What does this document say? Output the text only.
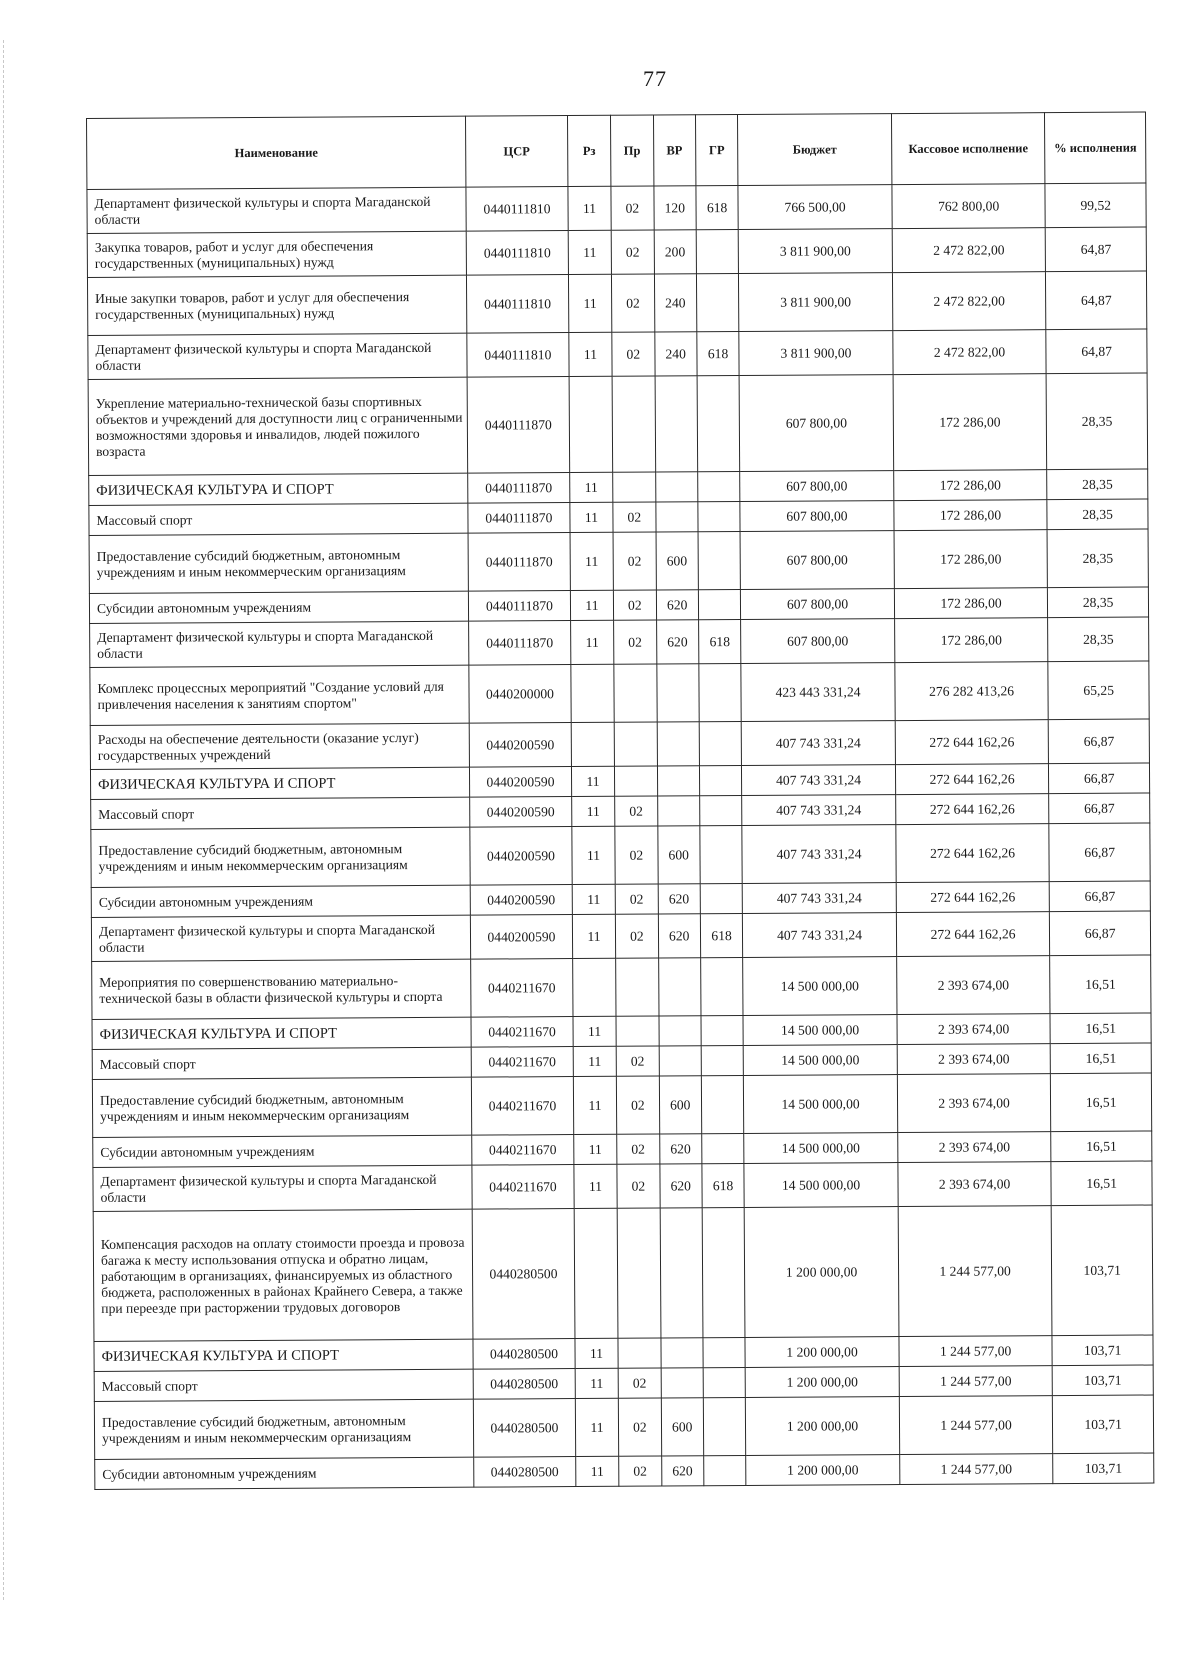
77
Наименование	ЦСР	Рз	Пр	ВР	ГР	Бюджет	Кассовое исполнение	% исполнения
Департамент физической культуры и спорта Магаданской области	0440111810	11	02	120	618	766 500,00	762 800,00	99,52
Закупка товаров, работ и услуг для обеспечения государственных (муниципальных) нужд	0440111810	11	02	200		3 811 900,00	2 472 822,00	64,87
Иные закупки товаров, работ и услуг для обеспечения государственных (муниципальных) нужд	0440111810	11	02	240		3 811 900,00	2 472 822,00	64,87
Департамент физической культуры и спорта Магаданской области	0440111810	11	02	240	618	3 811 900,00	2 472 822,00	64,87
Укрепление материально-технической базы спортивных объектов и учреждений для доступности лиц с ограниченными возможностями здоровья и инвалидов, людей пожилого возраста	0440111870					607 800,00	172 286,00	28,35
ФИЗИЧЕСКАЯ КУЛЬТУРА И СПОРТ	0440111870	11				607 800,00	172 286,00	28,35
Массовый спорт	0440111870	11	02			607 800,00	172 286,00	28,35
Предоставление субсидий бюджетным, автономным учреждениям и иным некоммерческим организациям	0440111870	11	02	600		607 800,00	172 286,00	28,35
Субсидии автономным учреждениям	0440111870	11	02	620		607 800,00	172 286,00	28,35
Департамент физической культуры и спорта Магаданской области	0440111870	11	02	620	618	607 800,00	172 286,00	28,35
Комплекс процессных мероприятий "Создание условий для привлечения населения к занятиям спортом"	0440200000					423 443 331,24	276 282 413,26	65,25
Расходы на обеспечение деятельности (оказание услуг) государственных учреждений	0440200590					407 743 331,24	272 644 162,26	66,87
ФИЗИЧЕСКАЯ КУЛЬТУРА И СПОРТ	0440200590	11				407 743 331,24	272 644 162,26	66,87
Массовый спорт	0440200590	11	02			407 743 331,24	272 644 162,26	66,87
Предоставление субсидий бюджетным, автономным учреждениям и иным некоммерческим организациям	0440200590	11	02	600		407 743 331,24	272 644 162,26	66,87
Субсидии автономным учреждениям	0440200590	11	02	620		407 743 331,24	272 644 162,26	66,87
Департамент физической культуры и спорта Магаданской области	0440200590	11	02	620	618	407 743 331,24	272 644 162,26	66,87
Мероприятия по совершенствованию материально-технической базы в области физической культуры и спорта	0440211670					14 500 000,00	2 393 674,00	16,51
ФИЗИЧЕСКАЯ КУЛЬТУРА И СПОРТ	0440211670	11				14 500 000,00	2 393 674,00	16,51
Массовый спорт	0440211670	11	02			14 500 000,00	2 393 674,00	16,51
Предоставление субсидий бюджетным, автономным учреждениям и иным некоммерческим организациям	0440211670	11	02	600		14 500 000,00	2 393 674,00	16,51
Субсидии автономным учреждениям	0440211670	11	02	620		14 500 000,00	2 393 674,00	16,51
Департамент физической культуры и спорта Магаданской области	0440211670	11	02	620	618	14 500 000,00	2 393 674,00	16,51
Компенсация расходов на оплату стоимости проезда и провоза багажа к месту использования отпуска и обратно лицам, работающим в организациях, финансируемых из областного бюджета, расположенных в районах Крайнего Севера, а также при переезде при расторжении трудовых договоров	0440280500					1 200 000,00	1 244 577,00	103,71
ФИЗИЧЕСКАЯ КУЛЬТУРА И СПОРТ	0440280500	11				1 200 000,00	1 244 577,00	103,71
Массовый спорт	0440280500	11	02			1 200 000,00	1 244 577,00	103,71
Предоставление субсидий бюджетным, автономным учреждениям и иным некоммерческим организациям	0440280500	11	02	600		1 200 000,00	1 244 577,00	103,71
Субсидии автономным учреждениям	0440280500	11	02	620		1 200 000,00	1 244 577,00	103,71
